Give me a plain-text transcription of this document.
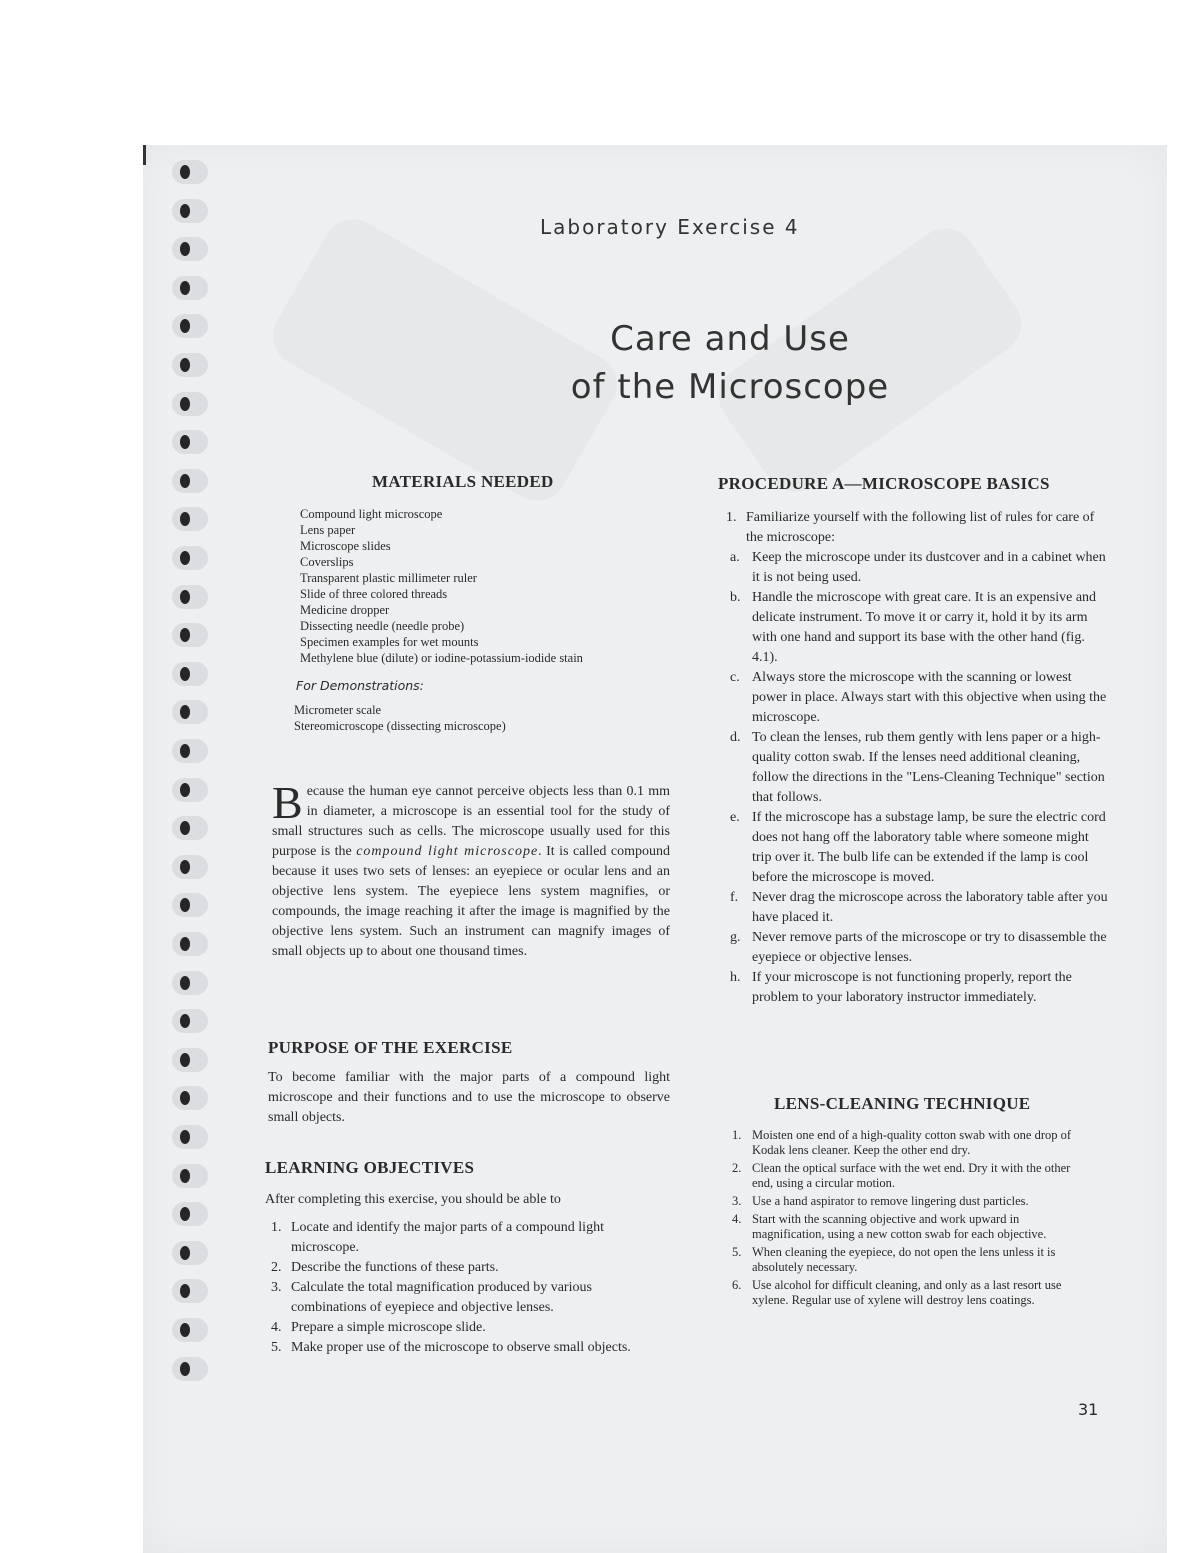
Laboratory Exercise 4
Care and Use
of the Microscope
MATERIALS NEEDED
Compound light microscope
Lens paper
Microscope slides
Coverslips
Transparent plastic millimeter ruler
Slide of three colored threads
Medicine dropper
Dissecting needle (needle probe)
Specimen examples for wet mounts
Methylene blue (dilute) or iodine-potassium-iodide stain
For Demonstrations:
Micrometer scale
Stereomicroscope (dissecting microscope)
Because the human eye cannot perceive objects less than 0.1 mm in diameter, a microscope is an essential tool for the study of small structures such as cells. The microscope usually used for this purpose is the compound light microscope. It is called compound because it uses two sets of lenses: an eyepiece or ocular lens and an objective lens system. The eyepiece lens system magnifies, or compounds, the image reaching it after the image is magnified by the objective lens system. Such an instrument can magnify images of small objects up to about one thousand times.
PURPOSE OF THE EXERCISE
To become familiar with the major parts of a compound light microscope and their functions and to use the microscope to observe small objects.
LEARNING OBJECTIVES
After completing this exercise, you should be able to
1. Locate and identify the major parts of a compound light microscope.
2. Describe the functions of these parts.
3. Calculate the total magnification produced by various combinations of eyepiece and objective lenses.
4. Prepare a simple microscope slide.
5. Make proper use of the microscope to observe small objects.
PROCEDURE A—MICROSCOPE BASICS
1. Familiarize yourself with the following list of rules for care of the microscope:
a. Keep the microscope under its dustcover and in a cabinet when it is not being used.
b. Handle the microscope with great care. It is an expensive and delicate instrument. To move it or carry it, hold it by its arm with one hand and support its base with the other hand (fig. 4.1).
c. Always store the microscope with the scanning or lowest power in place. Always start with this objective when using the microscope.
d. To clean the lenses, rub them gently with lens paper or a high-quality cotton swab. If the lenses need additional cleaning, follow the directions in the "Lens-Cleaning Technique" section that follows.
e. If the microscope has a substage lamp, be sure the electric cord does not hang off the laboratory table where someone might trip over it. The bulb life can be extended if the lamp is cool before the microscope is moved.
f. Never drag the microscope across the laboratory table after you have placed it.
g. Never remove parts of the microscope or try to disassemble the eyepiece or objective lenses.
h. If your microscope is not functioning properly, report the problem to your laboratory instructor immediately.
LENS-CLEANING TECHNIQUE
1. Moisten one end of a high-quality cotton swab with one drop of Kodak lens cleaner. Keep the other end dry.
2. Clean the optical surface with the wet end. Dry it with the other end, using a circular motion.
3. Use a hand aspirator to remove lingering dust particles.
4. Start with the scanning objective and work upward in magnification, using a new cotton swab for each objective.
5. When cleaning the eyepiece, do not open the lens unless it is absolutely necessary.
6. Use alcohol for difficult cleaning, and only as a last resort use xylene. Regular use of xylene will destroy lens coatings.
31
